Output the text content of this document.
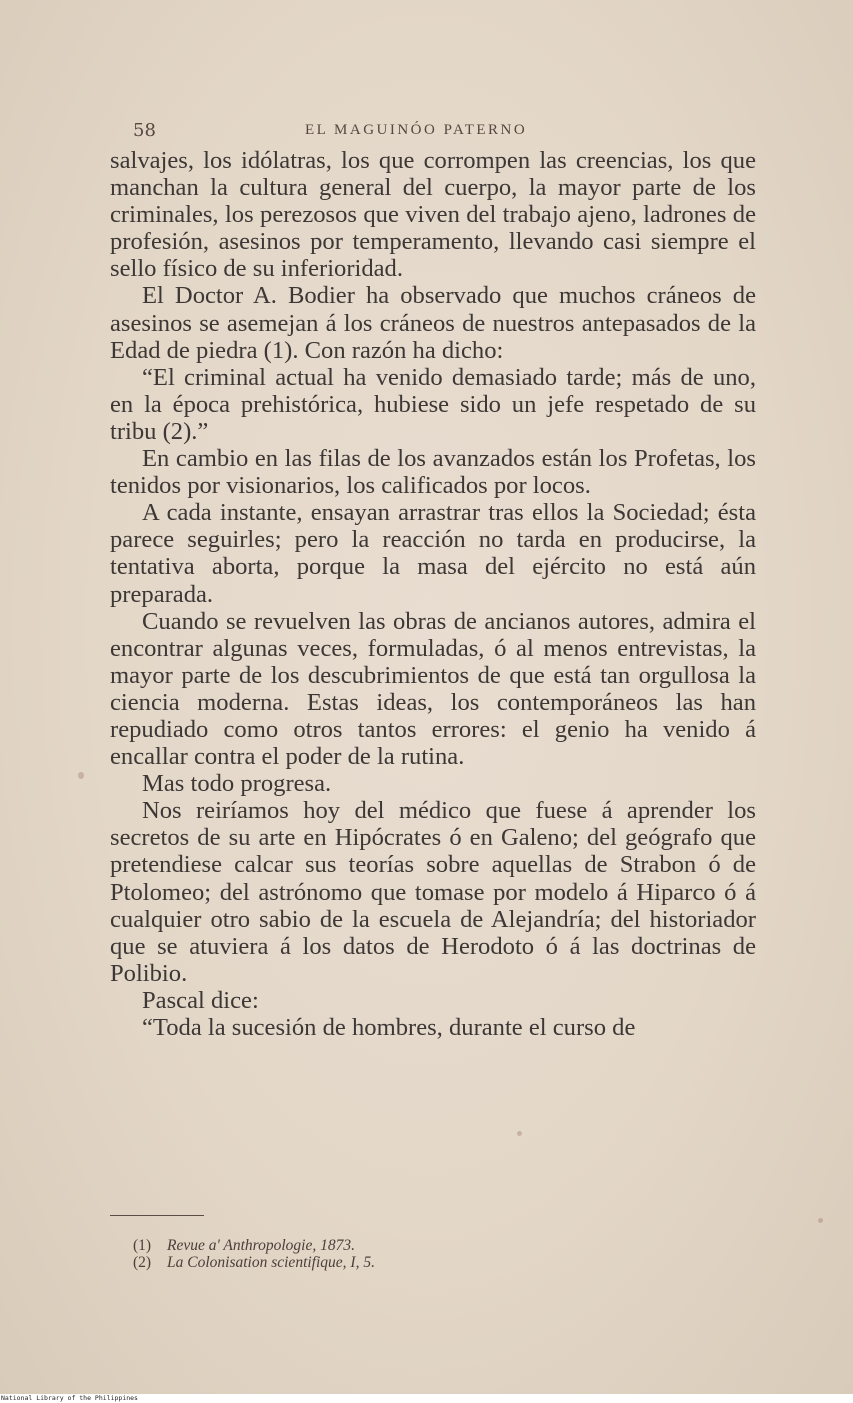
58	EL MAGUINÓO PATERNO

salvajes, los idólatras, los que corrompen las creencias, los que manchan la cultura general del cuerpo, la mayor parte de los criminales, los perezosos que viven del trabajo ajeno, ladrones de profesión, asesinos por temperamento, llevando casi siempre el sello físico de su inferioridad.

El Doctor A. Bodier ha observado que muchos cráneos de asesinos se asemejan á los cráneos de nuestros antepasados de la Edad de piedra (1). Con razón ha dicho:

“El criminal actual ha venido demasiado tarde; más de uno, en la época prehistórica, hubiese sido un jefe respetado de su tribu (2).”

En cambio en las filas de los avanzados están los Profetas, los tenidos por visionarios, los calificados por locos.

A cada instante, ensayan arrastrar tras ellos la Sociedad; ésta parece seguirles; pero la reacción no tarda en producirse, la tentativa aborta, porque la masa del ejército no está aún preparada.

Cuando se revuelven las obras de ancianos autores, admira el encontrar algunas veces, formuladas, ó al menos entrevistas, la mayor parte de los descubrimientos de que está tan orgullosa la ciencia moderna. Estas ideas, los contemporáneos las han repudiado como otros tantos errores: el genio ha venido á encallar contra el poder de la rutina.

Mas todo progresa.

Nos reiríamos hoy del médico que fuese á aprender los secretos de su arte en Hipócrates ó en Galeno; del geógrafo que pretendiese calcar sus teorías sobre aquellas de Strabon ó de Ptolomeo; del astrónomo que tomase por modelo á Hiparco ó á cualquier otro sabio de la escuela de Alejandría; del historiador que se atuviera á los datos de Herodoto ó á las doctrinas de Polibio.

Pascal dice:

“Toda la sucesión de hombres, durante el curso de

(1) Revue a' Anthropologie, 1873.
(2) La Colonisation scientifique, I, 5.
National Library of the Philippines
